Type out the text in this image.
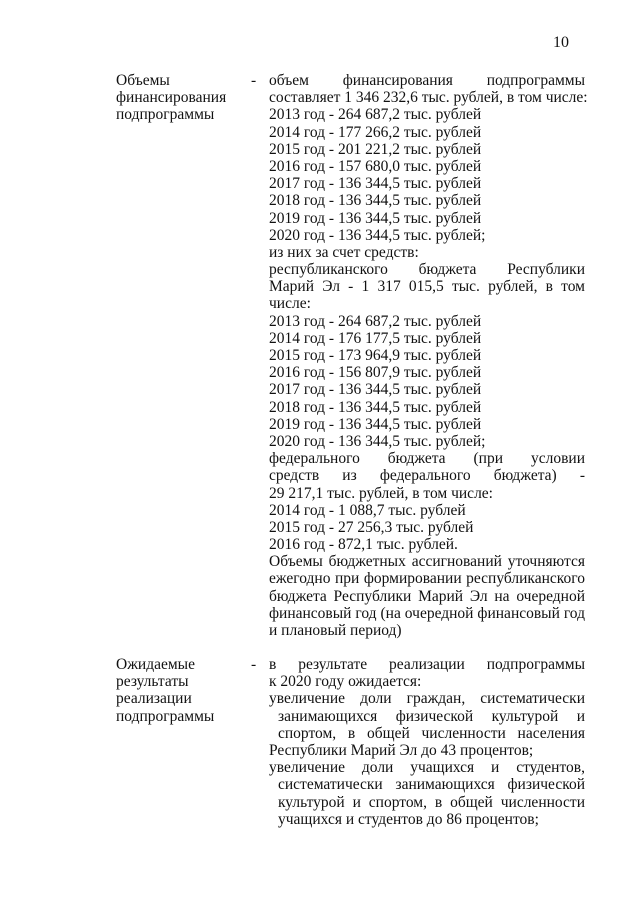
10
Объемы
финансирования
подпрограммы
- объем финансирования подпрограммы
составляет 1 346 232,6 тыс. рублей, в том числе:
2013 год - 264 687,2 тыс. рублей
2014 год - 177 266,2 тыс. рублей
2015 год - 201 221,2 тыс. рублей
2016 год - 157 680,0 тыс. рублей
2017 год - 136 344,5 тыс. рублей
2018 год - 136 344,5 тыс. рублей
2019 год - 136 344,5 тыс. рублей
2020 год - 136 344,5 тыс. рублей;
из них за счет средств:
республиканского бюджета Республики
Марий Эл - 1 317 015,5 тыс. рублей, в том
числе:
2013 год - 264 687,2 тыс. рублей
2014 год - 176 177,5 тыс. рублей
2015 год - 173 964,9 тыс. рублей
2016 год - 156 807,9 тыс. рублей
2017 год - 136 344,5 тыс. рублей
2018 год - 136 344,5 тыс. рублей
2019 год - 136 344,5 тыс. рублей
2020 год - 136 344,5 тыс. рублей;
федерального бюджета (при условии
средств из федерального бюджета) -
29 217,1 тыс. рублей, в том числе:
2014 год - 1 088,7 тыс. рублей
2015 год - 27 256,3 тыс. рублей
2016 год - 872,1 тыс. рублей.
Объемы бюджетных ассигнований уточняются
ежегодно при формировании республиканского
бюджета Республики Марий Эл на очередной
финансовый год (на очередной финансовый год
и плановый период)
Ожидаемые
результаты
реализации
подпрограммы
- в результате реализации подпрограммы
к 2020 году ожидается:
увеличение доли граждан, систематически
занимающихся физической культурой и
спортом, в общей численности населения
Республики Марий Эл до 43 процентов;
увеличение доли учащихся и студентов,
систематически занимающихся физической
культурой и спортом, в общей численности
учащихся и студентов до 86 процентов;
